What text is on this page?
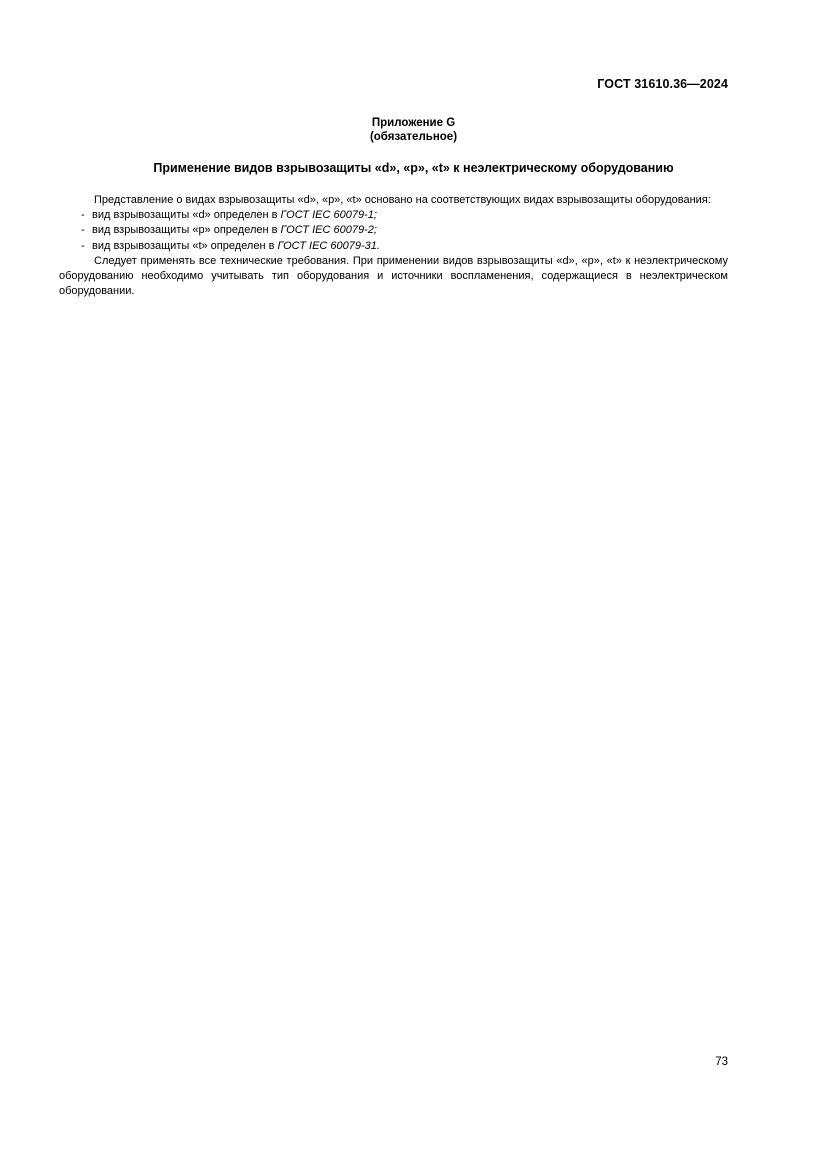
ГОСТ 31610.36—2024
Приложение G
(обязательное)
Применение видов взрывозащиты «d», «p», «t» к неэлектрическому оборудованию

Представление о видах взрывозащиты «d», «p», «t» основано на соответствующих видах взрывозащиты оборудования:

- вид взрывозащиты «d» определен в ГОСТ IEC 60079-1;
- вид взрывозащиты «p» определен в ГОСТ IEC 60079-2;
- вид взрывозащиты «t» определен в ГОСТ IEC 60079-31.

Следует применять все технические требования. При применении видов взрывозащиты «d», «p», «t» к неэлектрическому оборудованию необходимо учитывать тип оборудования и источники воспламенения, содержащиеся в неэлектрическом оборудовании.

73
